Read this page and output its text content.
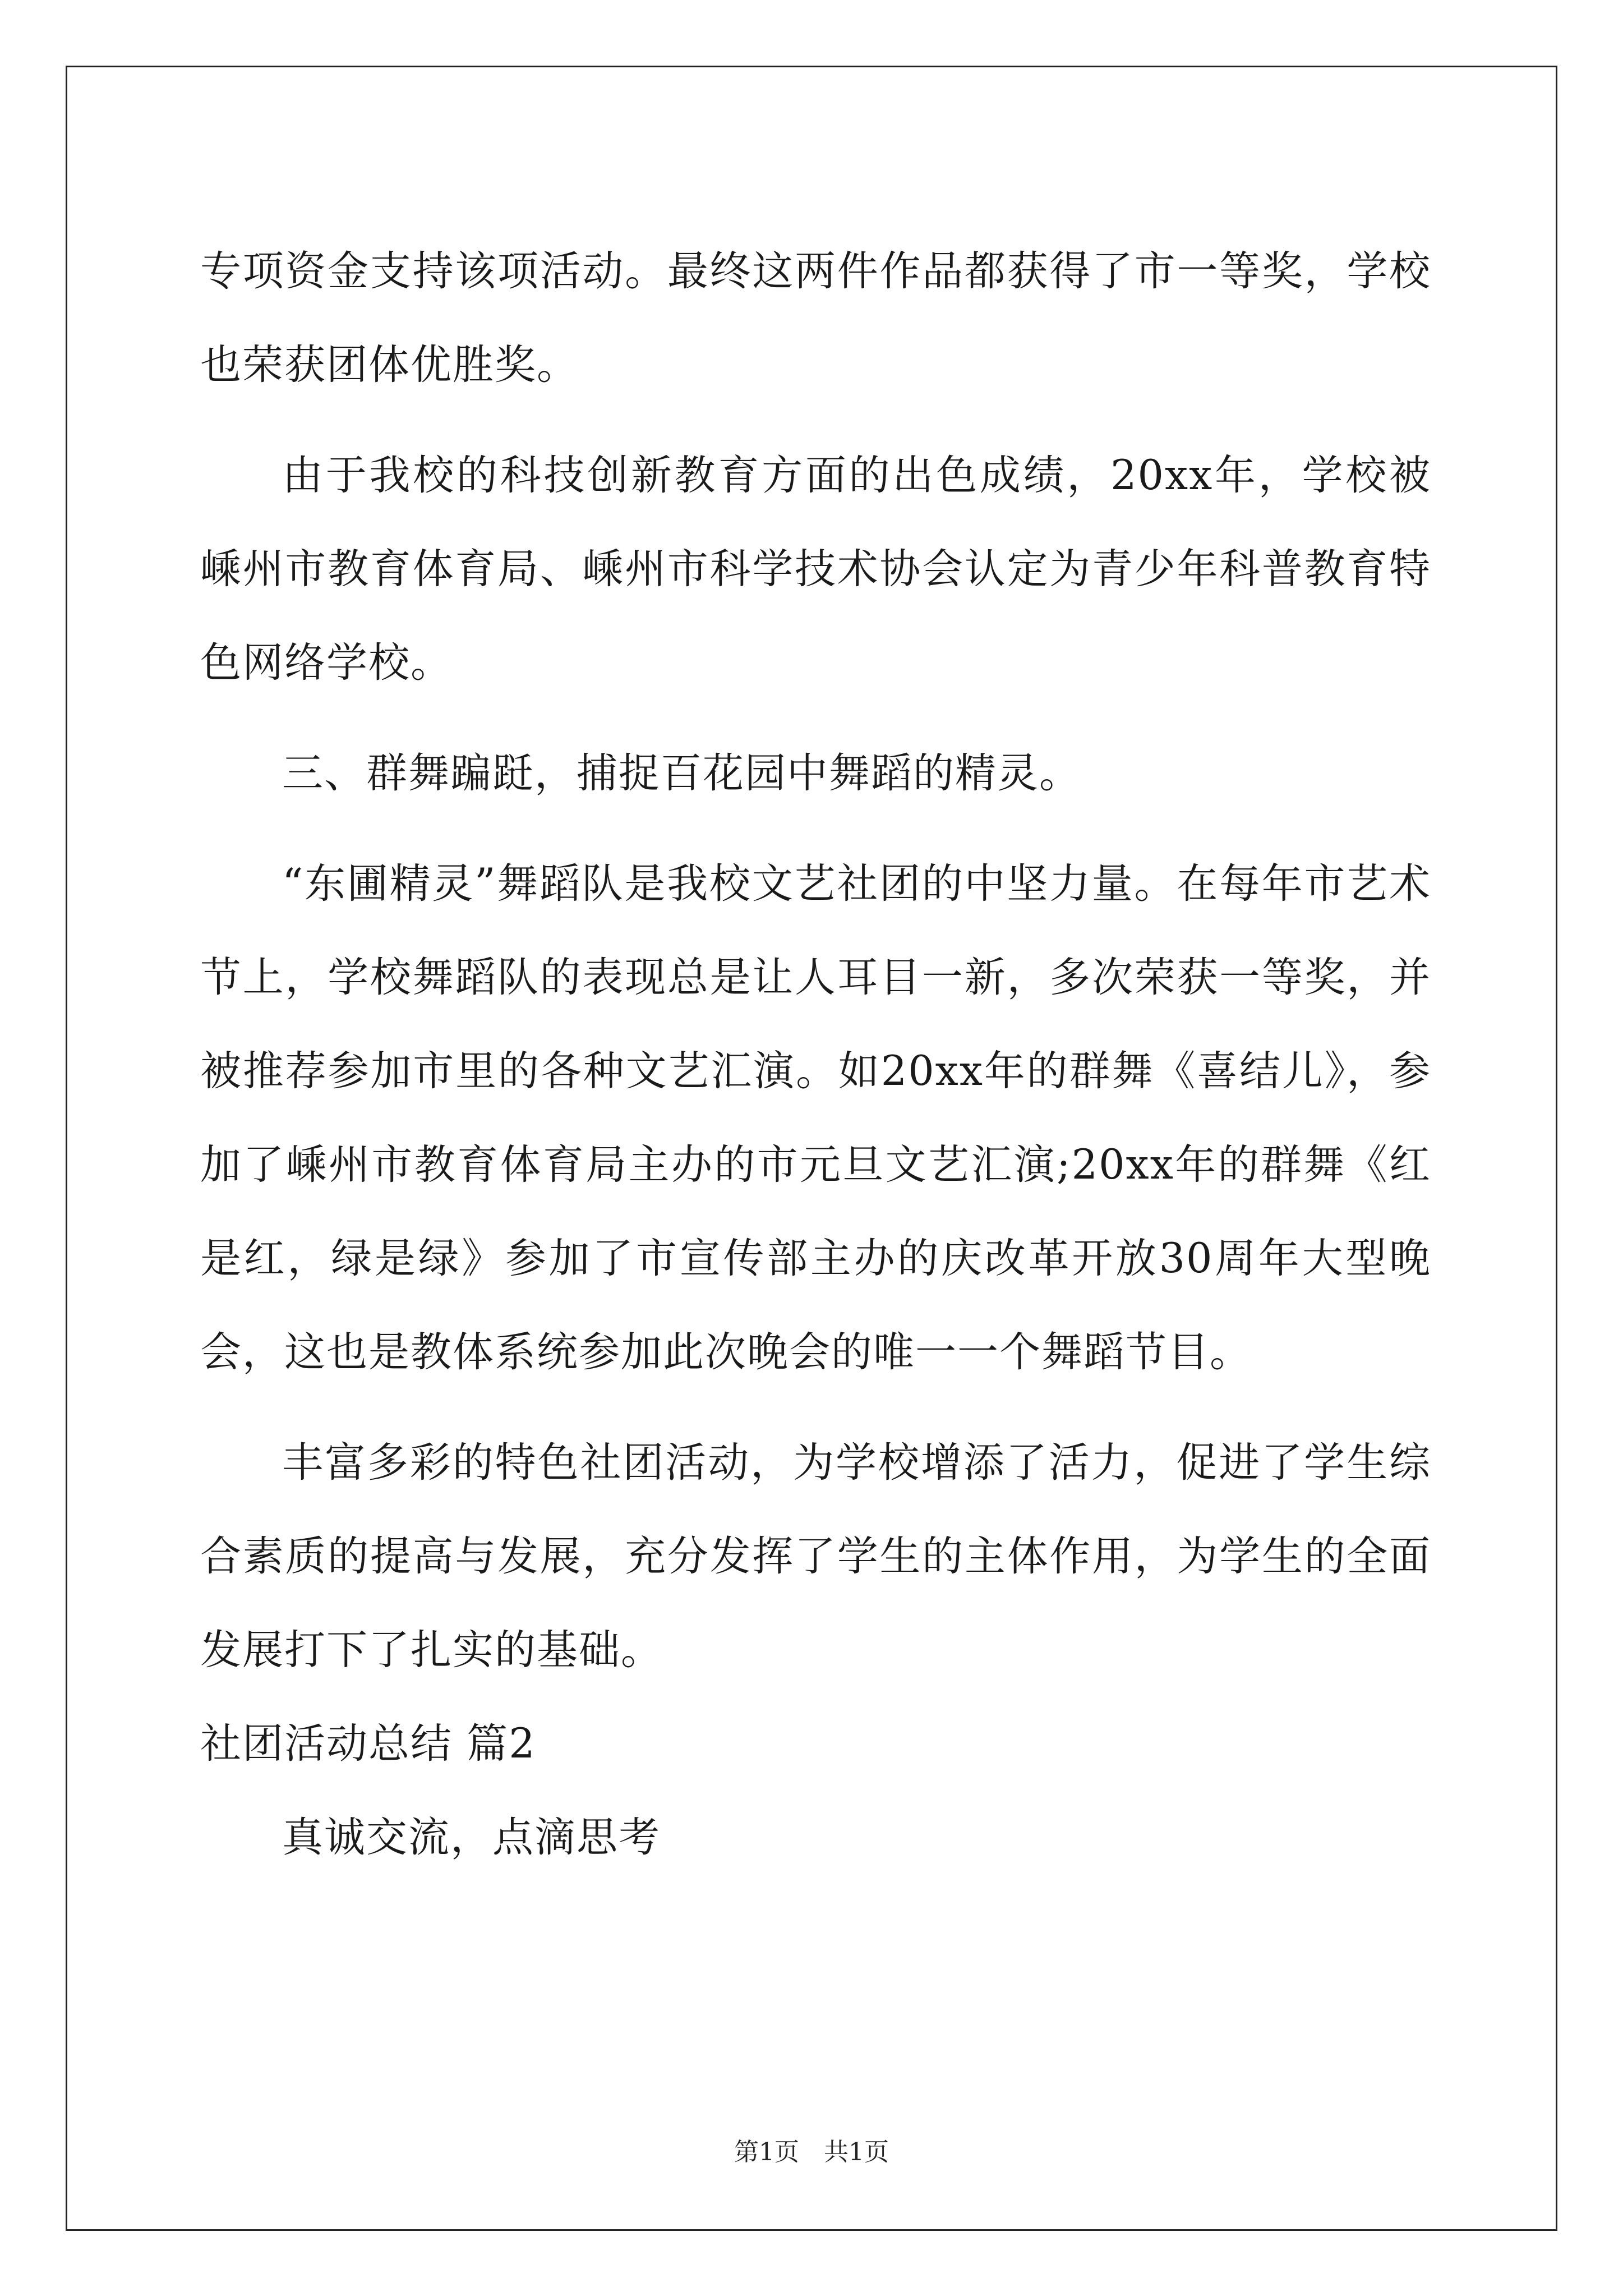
专项资金支持该项活动。最终这两件作品都获得了市一等奖，学校也荣获团体优胜奖。

由于我校的科技创新教育方面的出色成绩，20xx年，学校被嵊州市教育体育局、嵊州市科学技术协会认定为青少年科普教育特色网络学校。

三、群舞蹁跹，捕捉百花园中舞蹈的精灵。

“东圃精灵”舞蹈队是我校文艺社团的中坚力量。在每年市艺术节上，学校舞蹈队的表现总是让人耳目一新，多次荣获一等奖，并被推荐参加市里的各种文艺汇演。如20xx年的群舞《喜结儿》，参加了嵊州市教育体育局主办的市元旦文艺汇演;20xx年的群舞《红是红，绿是绿》参加了市宣传部主办的庆改革开放30周年大型晚会，这也是教体系统参加此次晚会的唯一一个舞蹈节目。

丰富多彩的特色社团活动，为学校增添了活力，促进了学生综合素质的提高与发展，充分发挥了学生的主体作用，为学生的全面发展打下了扎实的基础。

社团活动总结 篇2

真诚交流，点滴思考

第1页　共1页
